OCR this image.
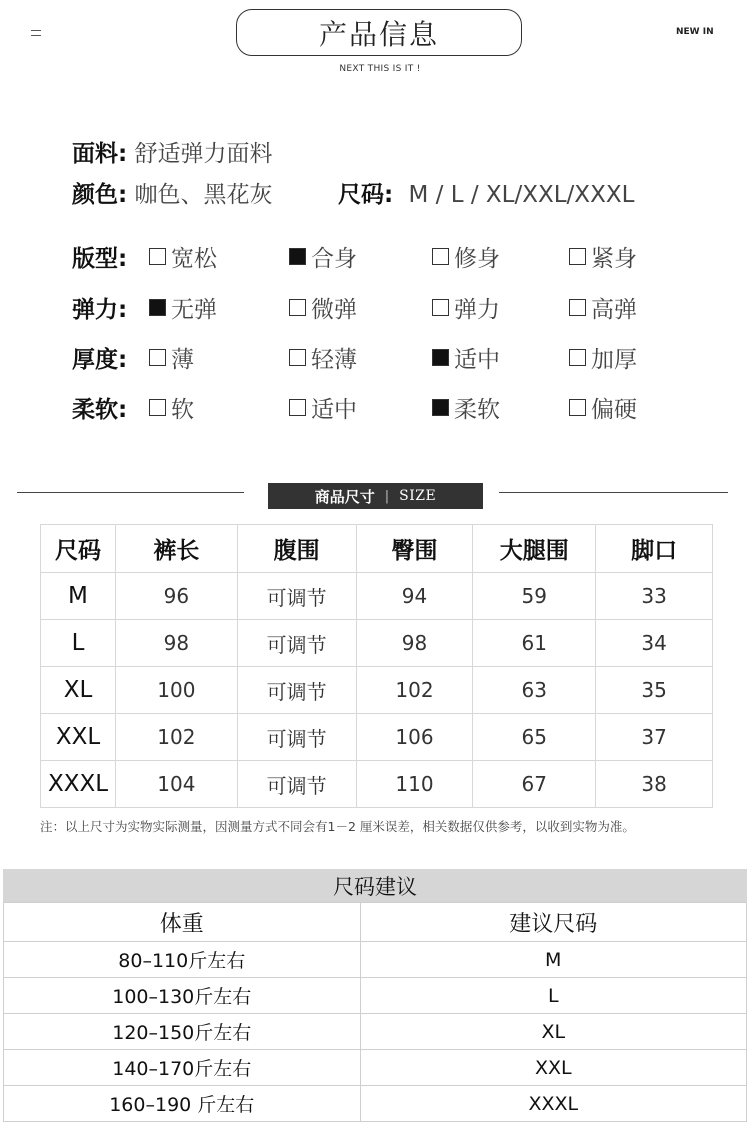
产品信息
NEXT THIS IS IT !
NEW IN
面料: 舒适弹力面料
颜色: 咖色、黑花灰	尺码: M / L / XL/XXL/XXXL
版型: 宽松	合身	修身	紧身
弹力: 无弹	微弹	弹力	高弹
厚度: 薄	轻薄	适中	加厚
柔软: 软	适中	柔软	偏硬
商品尺寸 | SIZE
尺码	裤长	腹围	臀围	大腿围	脚口
M	96	可调节	94	59	33
L	98	可调节	98	61	34
XL	100	可调节	102	63	35
XXL	102	可调节	106	65	37
XXXL	104	可调节	110	67	38
注：以上尺寸为实物实际测量，因测量方式不同会有1－2 厘米误差，相关数据仅供参考，以收到实物为准。
尺码建议
体重	建议尺码
80–110斤左右	M
100–130斤左右	L
120–150斤左右	XL
140–170斤左右	XXL
160–190 斤左右	XXXL
